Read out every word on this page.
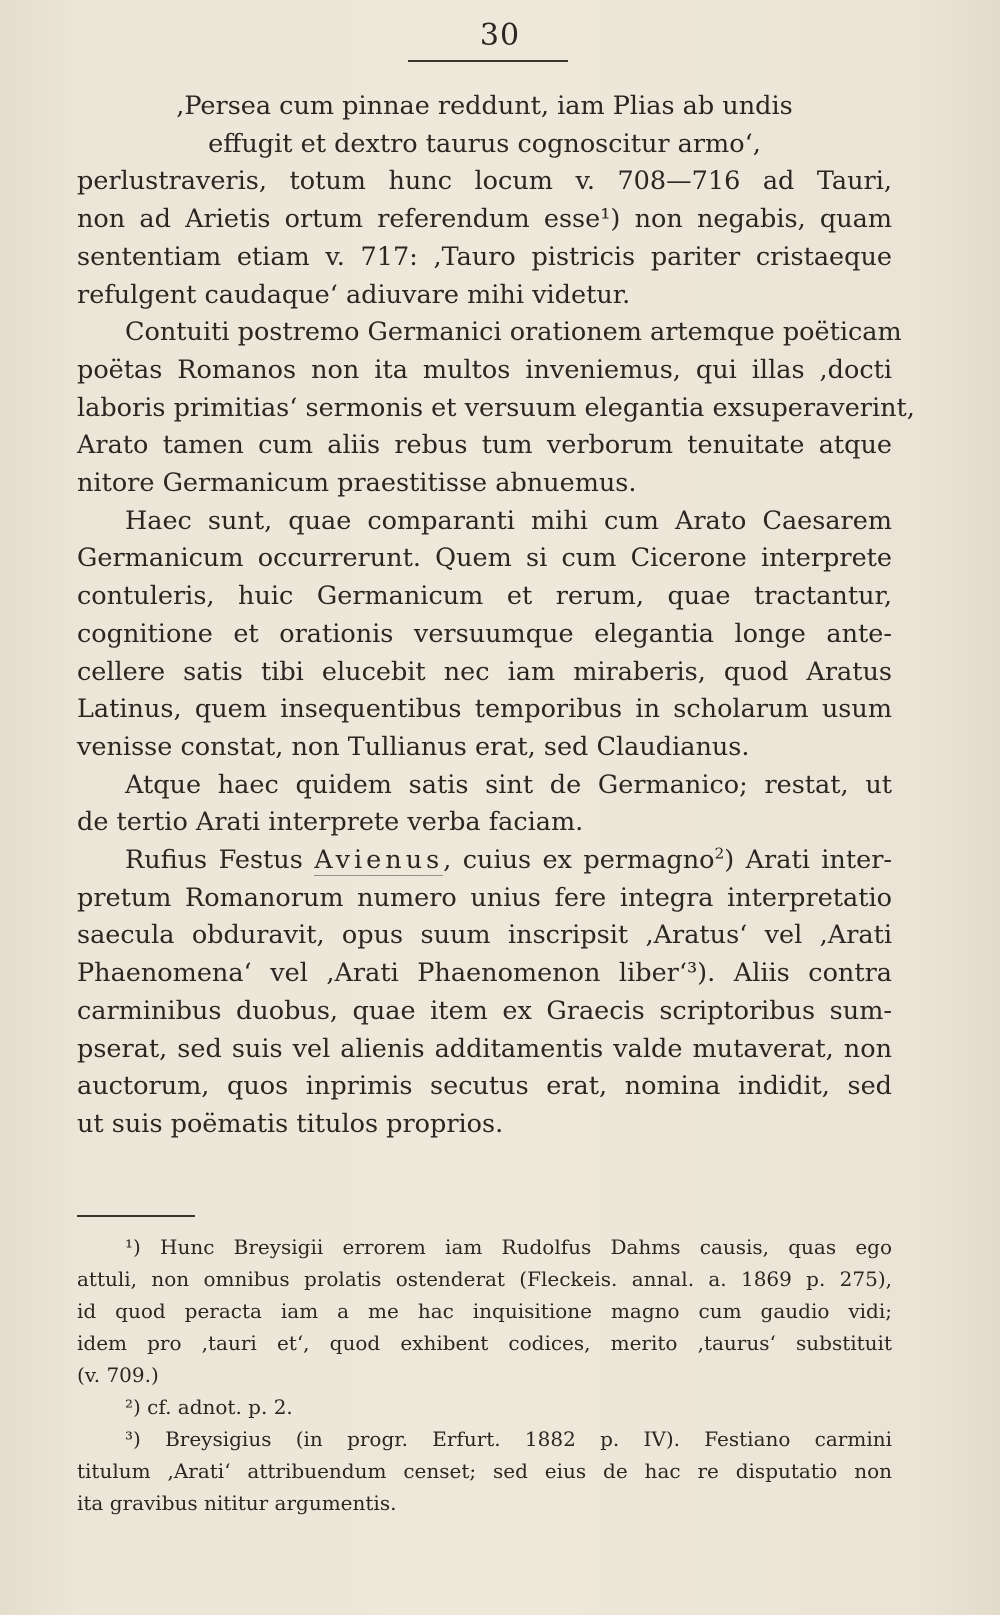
30
,Persea cum pinnae reddunt, iam Plias ab undis
effugit et dextro taurus cognoscitur armo‘,
perlustraveris, totum hunc locum v. 708—716 ad Tauri,
non ad Arietis ortum referendum esse¹) non negabis, quam
sententiam etiam v. 717: ,Tauro pistricis pariter cristaeque
refulgent caudaque‘ adiuvare mihi videtur.
Contuiti postremo Germanici orationem artemque poëticam
poëtas Romanos non ita multos inveniemus, qui illas ,docti
laboris primitias‘ sermonis et versuum elegantia exsuperaverint,
Arato tamen cum aliis rebus tum verborum tenuitate atque
nitore Germanicum praestitisse abnuemus.
Haec sunt, quae comparanti mihi cum Arato Caesarem
Germanicum occurrerunt. Quem si cum Cicerone interprete
contuleris, huic Germanicum et rerum, quae tractantur,
cognitione et orationis versuumque elegantia longe ante-
cellere satis tibi elucebit nec iam miraberis, quod Aratus
Latinus, quem insequentibus temporibus in scholarum usum
venisse constat, non Tullianus erat, sed Claudianus.
Atque haec quidem satis sint de Germanico; restat, ut
de tertio Arati interprete verba faciam.
Rufius Festus Avienus, cuius ex permagno$^2$) Arati inter-
pretum Romanorum numero unius fere integra interpretatio
saecula obduravit, opus suum inscripsit ,Aratus‘ vel ,Arati
Phaenomena‘ vel ,Arati Phaenomenon liber‘³). Aliis contra
carminibus duobus, quae item ex Graecis scriptoribus sum-
pserat, sed suis vel alienis additamentis valde mutaverat, non
auctorum, quos inprimis secutus erat, nomina indidit, sed
ut suis poëmatis titulos proprios.
¹) Hunc Breysigii errorem iam Rudolfus Dahms causis, quas ego
attuli, non omnibus prolatis ostenderat (Fleckeis. annal. a. 1869 p. 275),
id quod peracta iam a me hac inquisitione magno cum gaudio vidi;
idem pro ,tauri et‘, quod exhibent codices, merito ,taurus‘ substituit
(v. 709.)
²) cf. adnot. p. 2.
³) Breysigius (in progr. Erfurt. 1882 p. IV). Festiano carmini
titulum ,Arati‘ attribuendum censet; sed eius de hac re disputatio non
ita gravibus nititur argumentis.
